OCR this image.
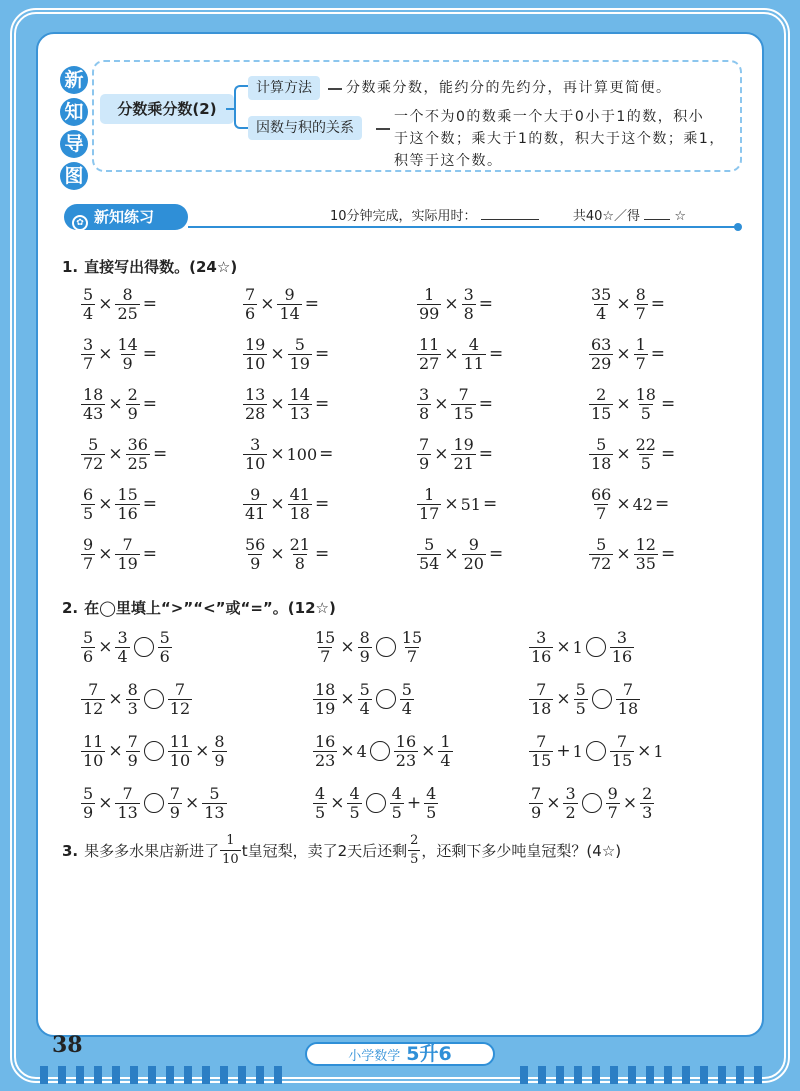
新
知
导
图
分数乘分数(2)
计算方法	分数乘分数，能约分的先约分，再计算更简便。
因数与积的关系
一个不为0的数乘一个大于0小于1的数，积小
于这个数；乘大于1的数，积大于这个数；乘1，
积等于这个数。
✿ 新知练习	10分钟完成，实际用时：	共40☆／得	☆
1. 直接写出得数。(24☆)
$\frac{5}{4} \times \frac{8}{25}$ =	$\frac{7}{6} \times \frac{9}{14}$ =	$\frac{1}{99} \times \frac{3}{8}$ =	$\frac{35}{4} \times \frac{8}{7}$ =
$\frac{3}{7} \times \frac{14}{9}$ =	$\frac{19}{10} \times \frac{5}{19}$ =	$\frac{11}{27} \times \frac{4}{11}$ =	$\frac{63}{29} \times \frac{1}{7}$ =
$\frac{18}{43} \times \frac{2}{9}$ =	$\frac{13}{28} \times \frac{14}{13}$ =	$\frac{3}{8} \times \frac{7}{15}$ =	$\frac{2}{15} \times \frac{18}{5}$ =
$\frac{5}{72} \times \frac{36}{25}$ =	$\frac{3}{10} \times 100$ =	$\frac{7}{9} \times \frac{19}{21}$ =	$\frac{5}{18} \times \frac{22}{5}$ =
$\frac{6}{5} \times \frac{15}{16}$ =	$\frac{9}{41} \times \frac{41}{18}$ =	$\frac{1}{17} \times 51$ =	$\frac{66}{7} \times 42$ =
$\frac{9}{7} \times \frac{7}{19}$ =	$\frac{56}{9} \times \frac{21}{8}$ =	$\frac{5}{54} \times \frac{9}{20}$ =	$\frac{5}{72} \times \frac{12}{35}$ =
2. 在◯里填上“>”“<”或“=”。(12☆)
$\frac{5}{6} \times \frac{3}{4} \frac{5}{6}$	$\frac{15}{7} \times \frac{8}{9} \frac{15}{7}$	$\frac{3}{16} \times 1 \frac{3}{16}$
$\frac{7}{12} \times \frac{8}{3} \frac{7}{12}$	$\frac{18}{19} \times \frac{5}{4} \frac{5}{4}$	$\frac{7}{18} \times \frac{5}{5} \frac{7}{18}$
$\frac{11}{10} \times \frac{7}{9} \frac{11}{10} \times \frac{8}{9}$	$\frac{16}{23} \times 4 \frac{16}{23} \times \frac{1}{4}$	$\frac{7}{15} + 1 \frac{7}{15} \times 1$
$\frac{5}{9} \times \frac{7}{13} \frac{7}{9} \times \frac{5}{13}$	$\frac{4}{5} \times \frac{4}{5} \frac{4}{5} + \frac{4}{5}$	$\frac{7}{9} \times \frac{3}{2} \frac{9}{7} \times \frac{2}{3}$
3. 果多多水果店新进了 $\frac{1}{10}$ t皇冠梨，卖了2天后还剩 $\frac{2}{5}$ ，还剩下多少吨皇冠梨？(4☆)
38	小学数学 5升6
